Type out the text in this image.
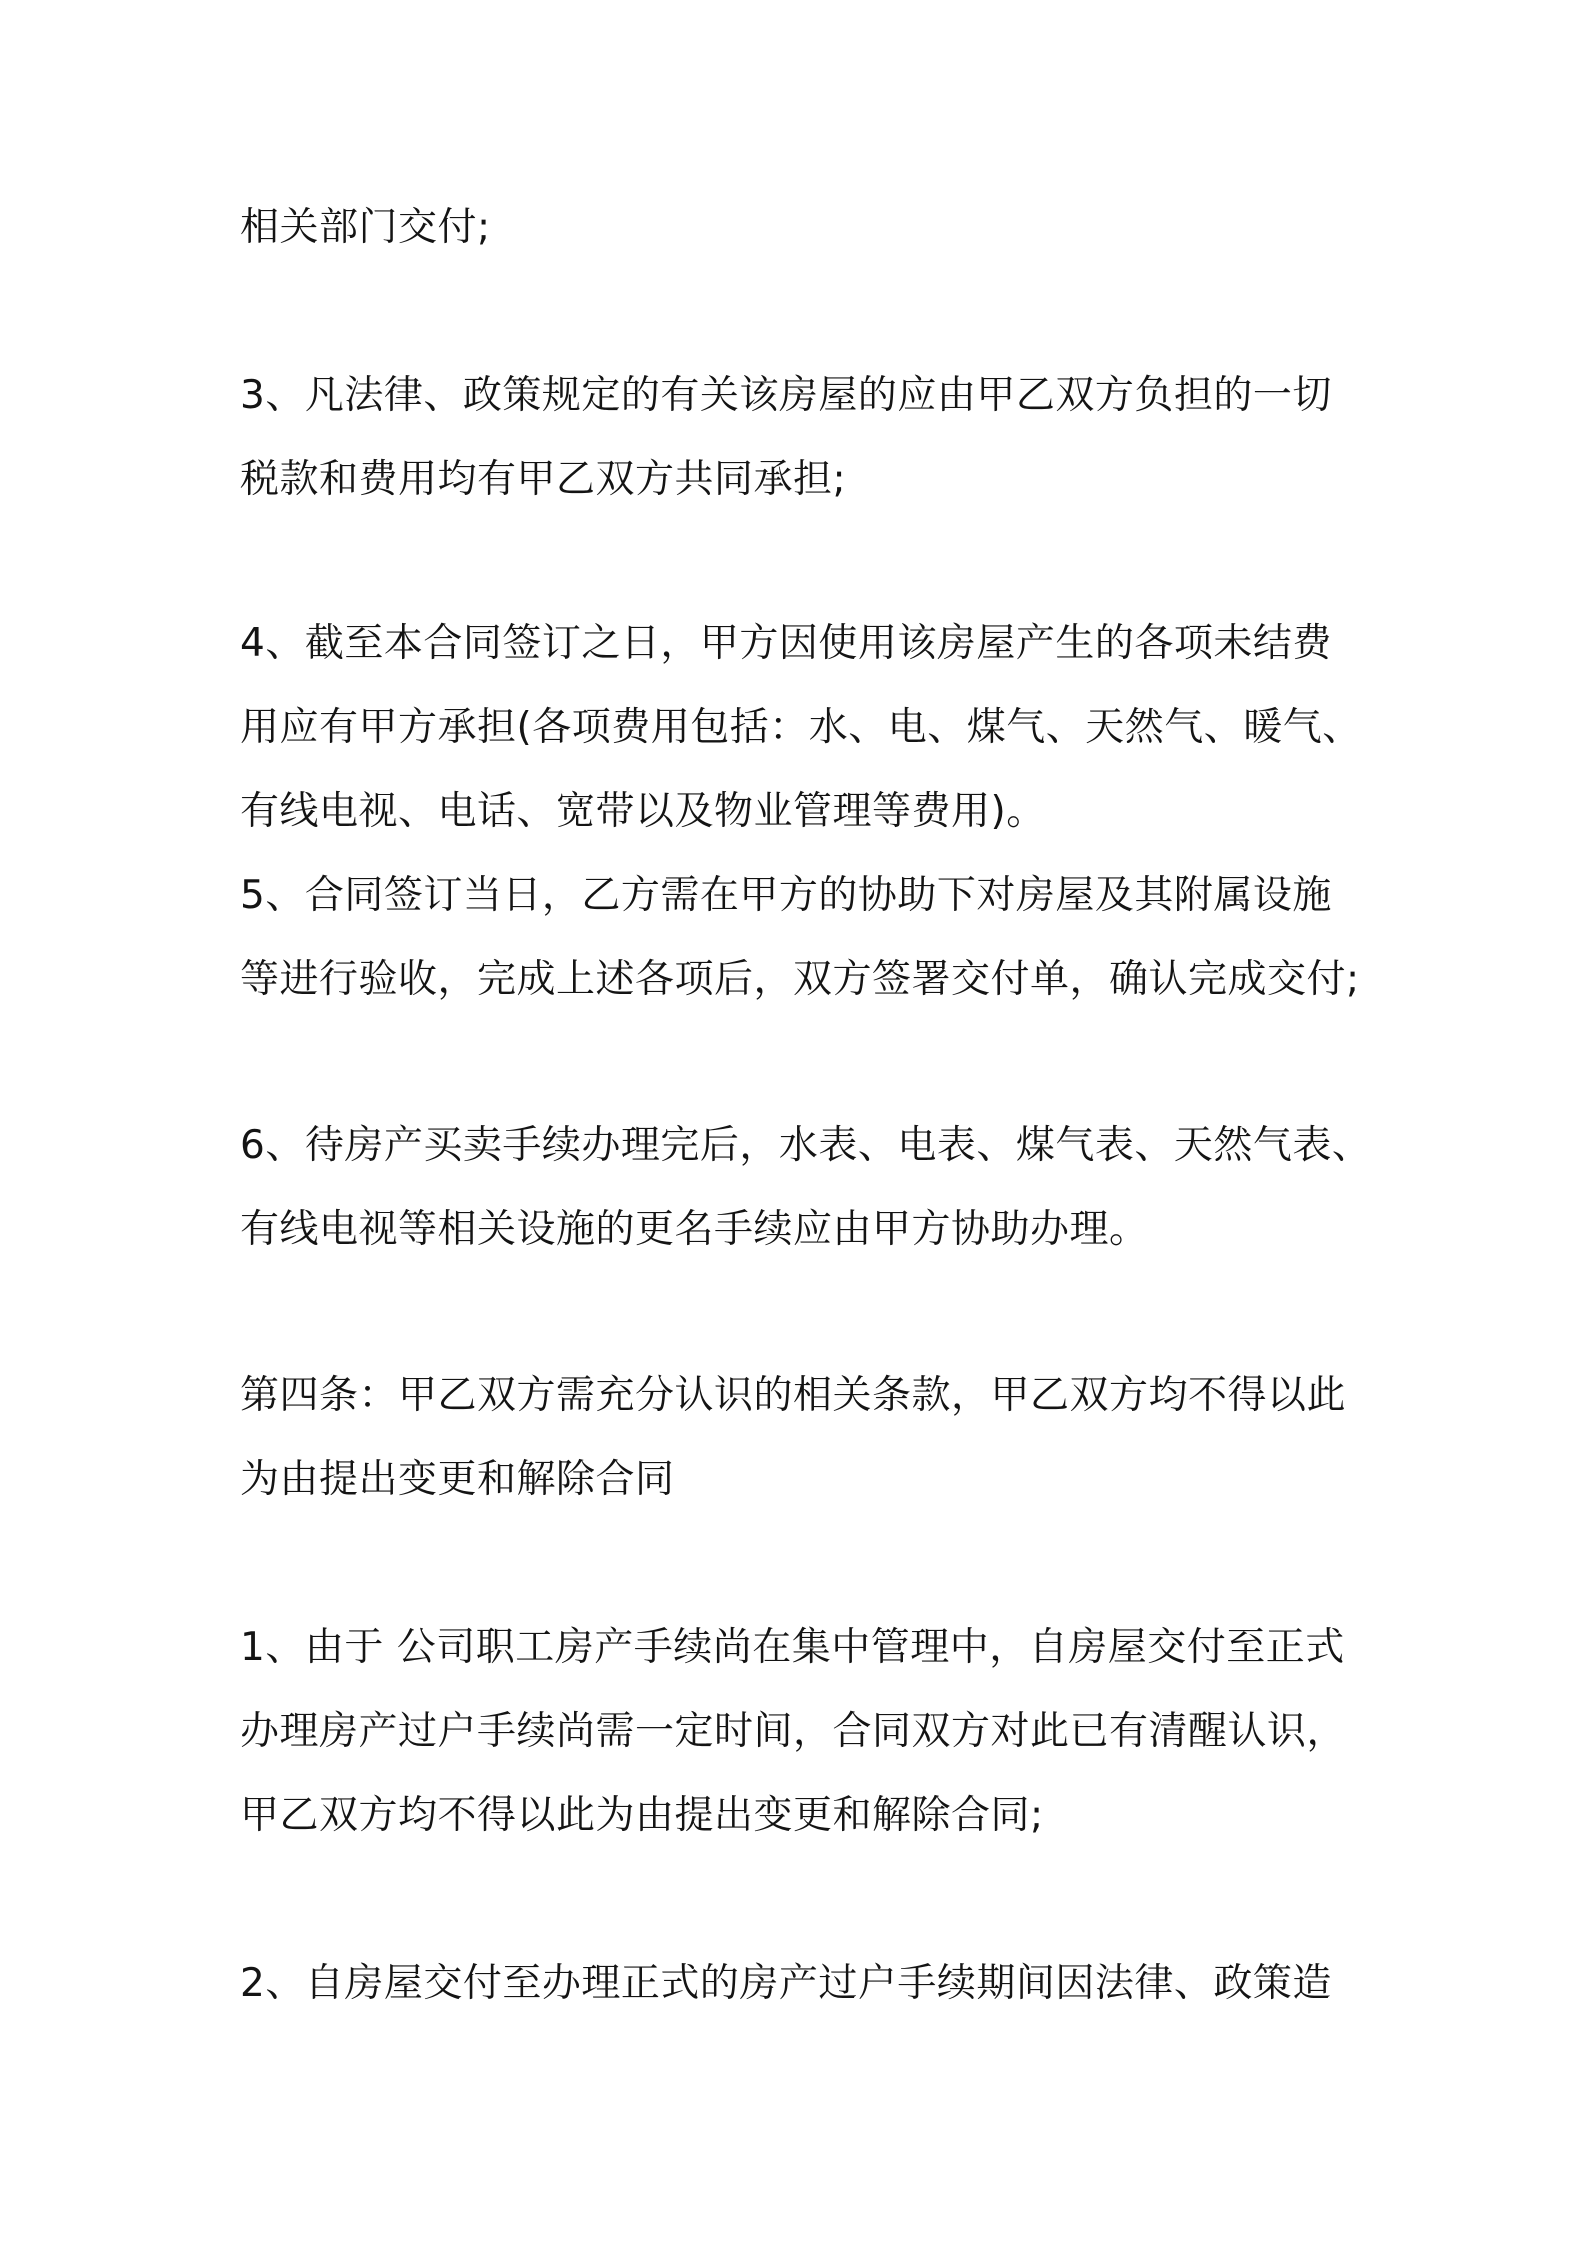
相关部门交付;

3、凡法律、政策规定的有关该房屋的应由甲乙双方负担的一切

税款和费用均有甲乙双方共同承担;

4、截至本合同签订之日，甲方因使用该房屋产生的各项未结费

用应有甲方承担(各项费用包括：水、电、煤气、天然气、暖气、

有线电视、电话、宽带以及物业管理等费用)。

5、合同签订当日，乙方需在甲方的协助下对房屋及其附属设施

等进行验收，完成上述各项后，双方签署交付单，确认完成交付;

6、待房产买卖手续办理完后，水表、电表、煤气表、天然气表、

有线电视等相关设施的更名手续应由甲方协助办理。

第四条：甲乙双方需充分认识的相关条款，甲乙双方均不得以此

为由提出变更和解除合同

1、由于 公司职工房产手续尚在集中管理中，自房屋交付至正式

办理房产过户手续尚需一定时间，合同双方对此已有清醒认识，

甲乙双方均不得以此为由提出变更和解除合同;

2、自房屋交付至办理正式的房产过户手续期间因法律、政策造
